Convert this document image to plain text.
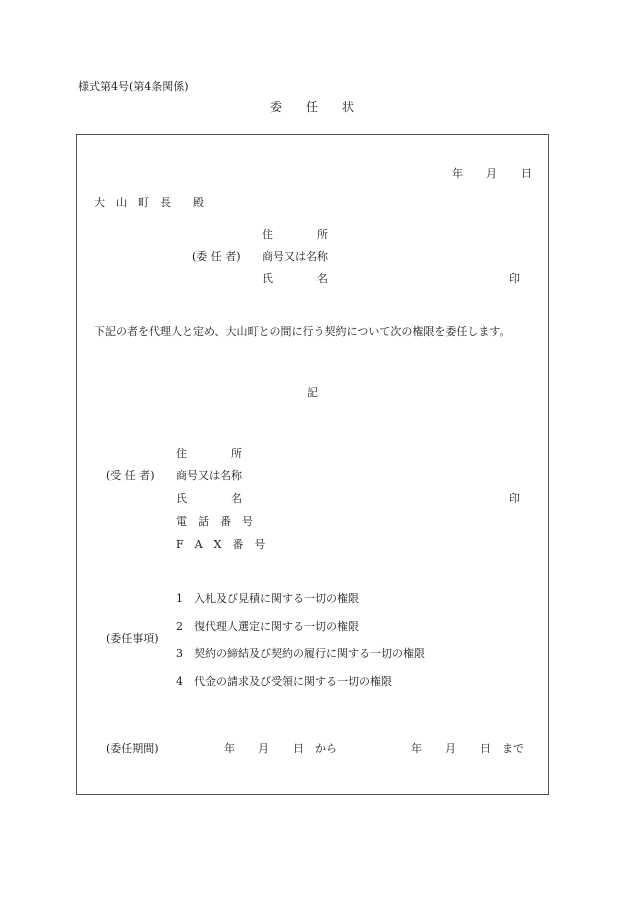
様式第4号(第4条関係)
委　　任　　状
年 月 日
大　山　町　長　　殿
住　　　　所
(委 任 者) 商号又は名称
氏　　　　名	印
下記の者を代理人と定め、大山町との間に行う契約について次の権限を委任します。
記
住　　　　所
(受 任 者) 商号又は名称
氏　　　　名	印
電　話　番　号
F　A　X　番　号
(委任事項)
1 入札及び見積に関する一切の権限
2 復代理人選定に関する一切の権限
3 契約の締結及び契約の履行に関する一切の権限
4 代金の請求及び受領に関する一切の権限
(委任期間)	年 月 日 から	年 月 日 まで
